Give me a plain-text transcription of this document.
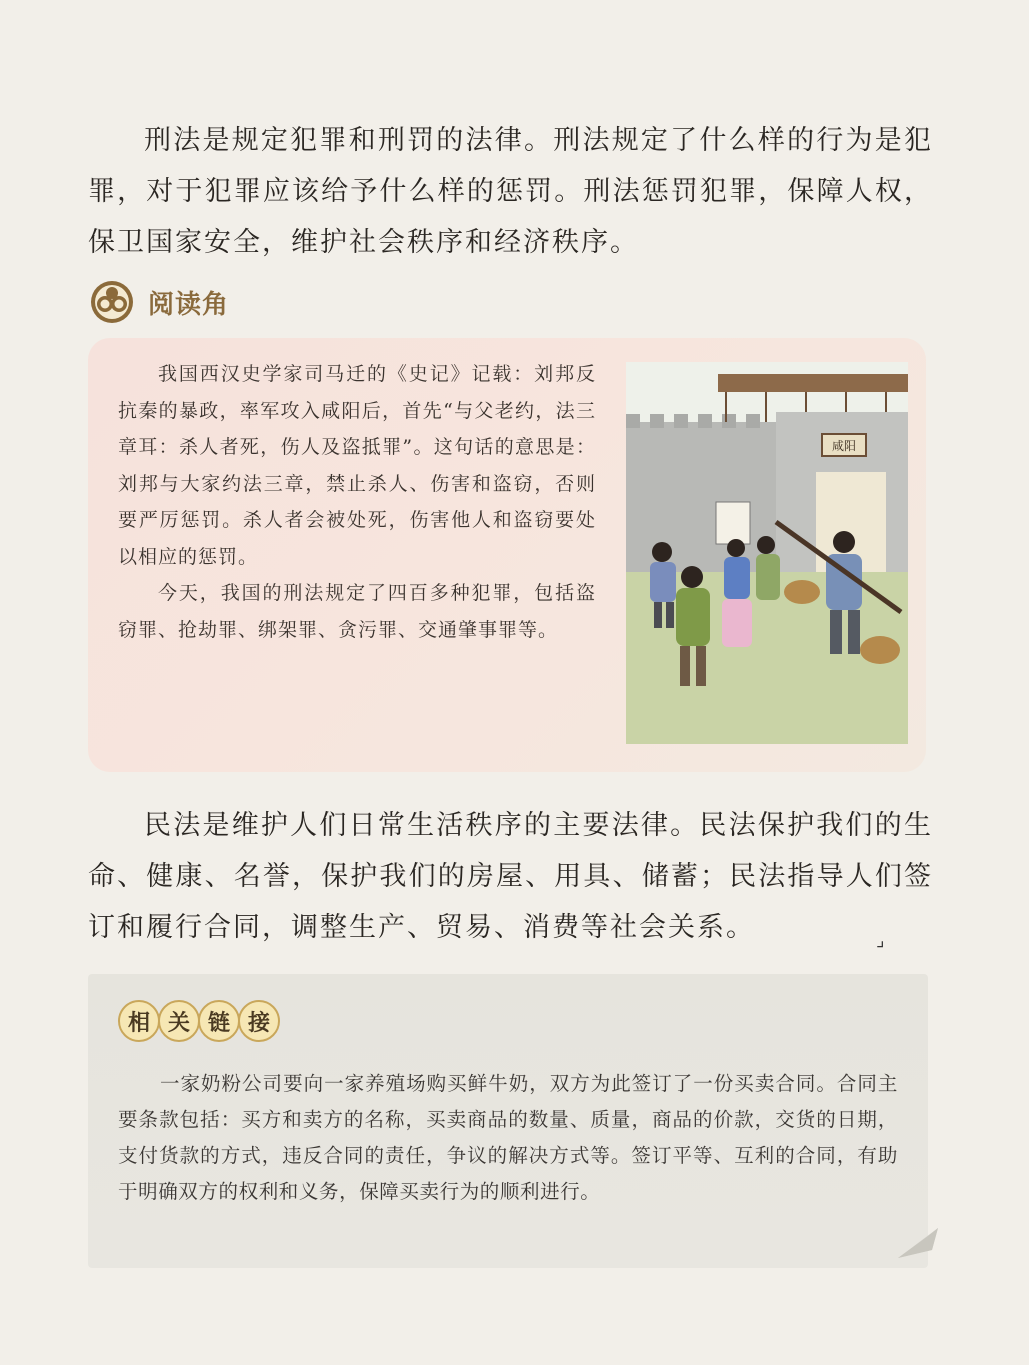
刑法是规定犯罪和刑罚的法律。刑法规定了什么样的行为是犯罪，对于犯罪应该给予什么样的惩罚。刑法惩罚犯罪，保障人权，保卫国家安全，维护社会秩序和经济秩序。

阅读角

我国西汉史学家司马迁的《史记》记载：刘邦反抗秦的暴政，率军攻入咸阳后，首先“与父老约，法三章耳：杀人者死，伤人及盗抵罪”。这句话的意思是：刘邦与大家约法三章，禁止杀人、伤害和盗窃，否则要严厉惩罚。杀人者会被处死，伤害他人和盗窃要处以相应的惩罚。

今天，我国的刑法规定了四百多种犯罪，包括盗窃罪、抢劫罪、绑架罪、贪污罪、交通肇事罪等。

咸阳

民法是维护人们日常生活秩序的主要法律。民法保护我们的生命、健康、名誉，保护我们的房屋、用具、储蓄；民法指导人们签订和履行合同，调整生产、贸易、消费等社会关系。	⌟
相 关 链 接

一家奶粉公司要向一家养殖场购买鲜牛奶，双方为此签订了一份买卖合同。合同主要条款包括：买方和卖方的名称，买卖商品的数量、质量，商品的价款，交货的日期，支付货款的方式，违反合同的责任，争议的解决方式等。签订平等、互利的合同，有助于明确双方的权利和义务，保障买卖行为的顺利进行。
